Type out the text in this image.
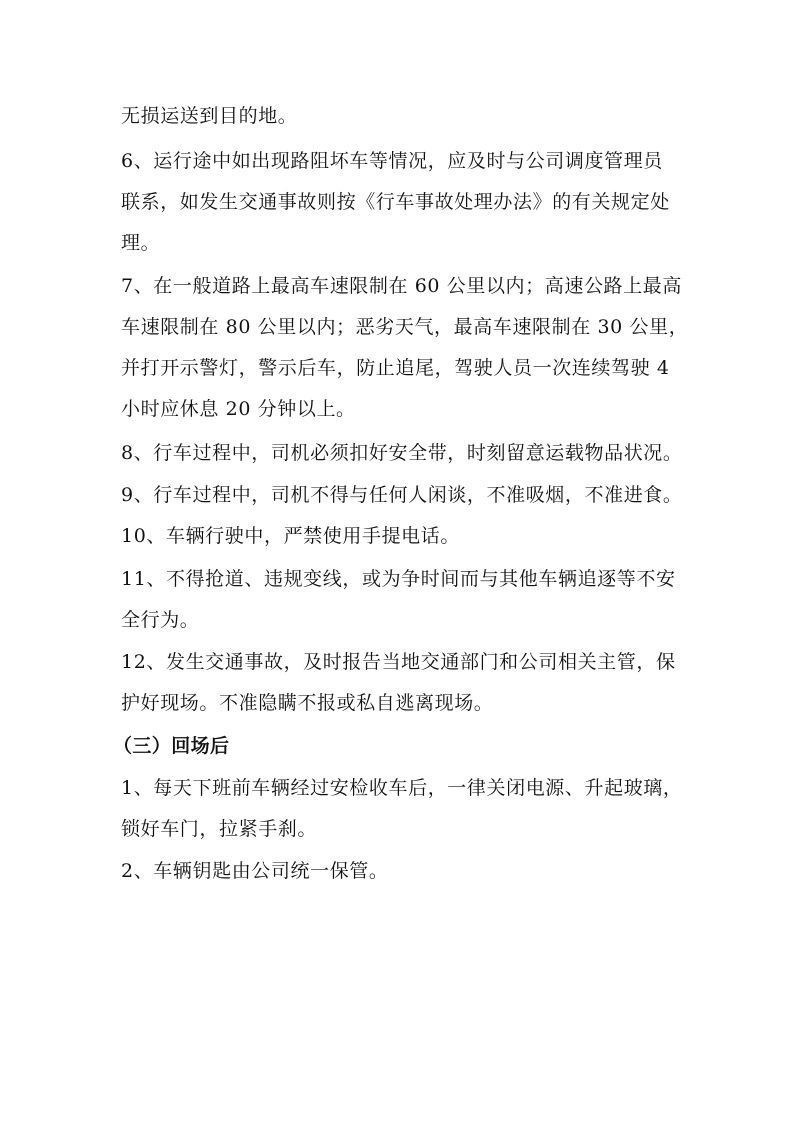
无损运送到目的地。
6、运行途中如出现路阻坏车等情况，应及时与公司调度管理员
联系，如发生交通事故则按《行车事故处理办法》的有关规定处
理。
7、在一般道路上最高车速限制在 60 公里以内；高速公路上最高
车速限制在 80 公里以内；恶劣天气，最高车速限制在 30 公里，
并打开示警灯，警示后车，防止追尾，驾驶人员一次连续驾驶 4
小时应休息 20 分钟以上。
8、行车过程中，司机必须扣好安全带，时刻留意运载物品状况。
9、行车过程中，司机不得与任何人闲谈，不准吸烟，不准进食。
10、车辆行驶中，严禁使用手提电话。
11、不得抢道、违规变线，或为争时间而与其他车辆追逐等不安
全行为。
12、发生交通事故，及时报告当地交通部门和公司相关主管，保
护好现场。不准隐瞒不报或私自逃离现场。
（三）回场后
1、每天下班前车辆经过安检收车后，一律关闭电源、升起玻璃，
锁好车门，拉紧手刹。
2、车辆钥匙由公司统一保管。
